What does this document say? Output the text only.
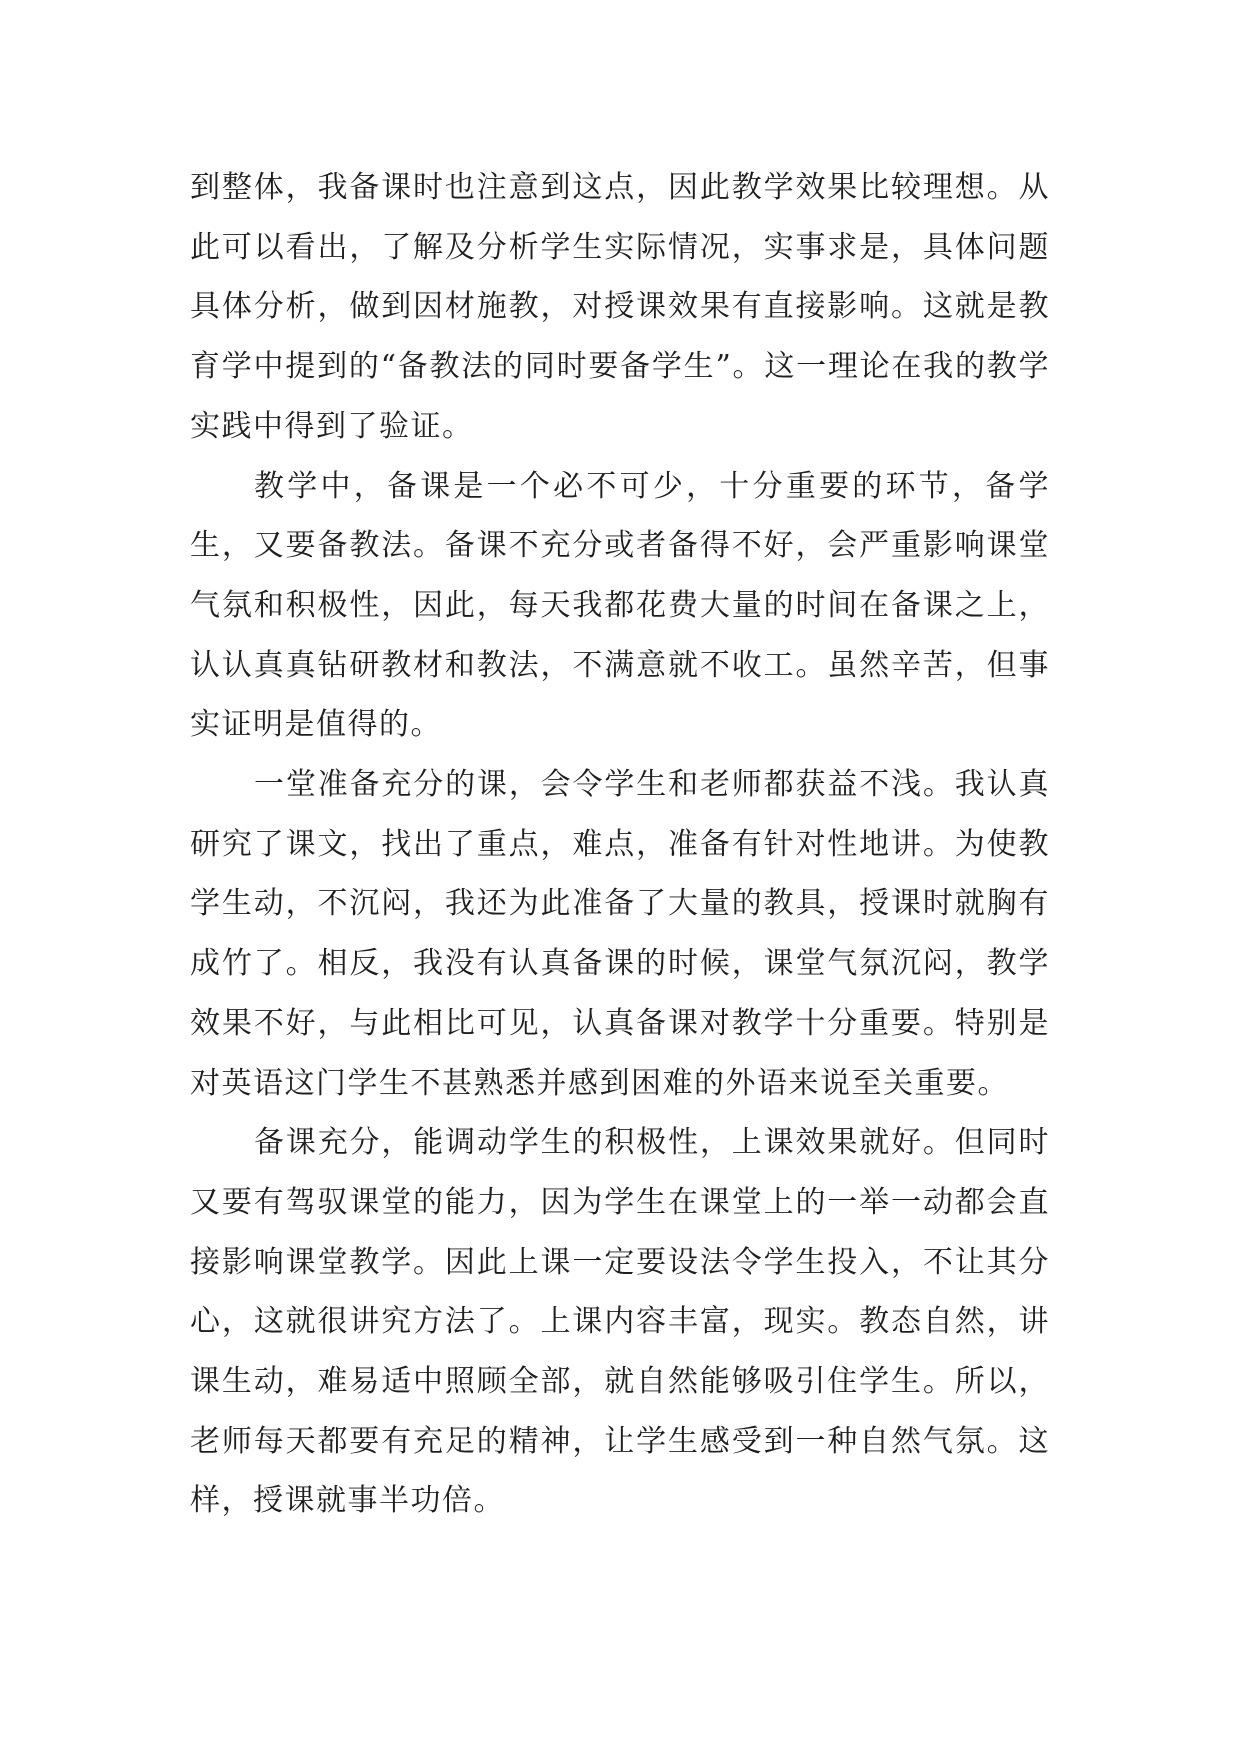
到整体，我备课时也注意到这点，因此教学效果比较理想。从此可以看出，了解及分析学生实际情况，实事求是，具体问题具体分析，做到因材施教，对授课效果有直接影响。这就是教育学中提到的“备教法的同时要备学生”。这一理论在我的教学实践中得到了验证。

教学中，备课是一个必不可少，十分重要的环节，备学生，又要备教法。备课不充分或者备得不好，会严重影响课堂气氛和积极性，因此，每天我都花费大量的时间在备课之上，认认真真钻研教材和教法，不满意就不收工。虽然辛苦，但事实证明是值得的。

一堂准备充分的课，会令学生和老师都获益不浅。我认真研究了课文，找出了重点，难点，准备有针对性地讲。为使教学生动，不沉闷，我还为此准备了大量的教具，授课时就胸有成竹了。相反，我没有认真备课的时候，课堂气氛沉闷，教学效果不好，与此相比可见，认真备课对教学十分重要。特别是对英语这门学生不甚熟悉并感到困难的外语来说至关重要。

备课充分，能调动学生的积极性，上课效果就好。但同时又要有驾驭课堂的能力，因为学生在课堂上的一举一动都会直接影响课堂教学。因此上课一定要设法令学生投入，不让其分心，这就很讲究方法了。上课内容丰富，现实。教态自然，讲课生动，难易适中照顾全部，就自然能够吸引住学生。所以，老师每天都要有充足的精神，让学生感受到一种自然气氛。这样，授课就事半功倍。
